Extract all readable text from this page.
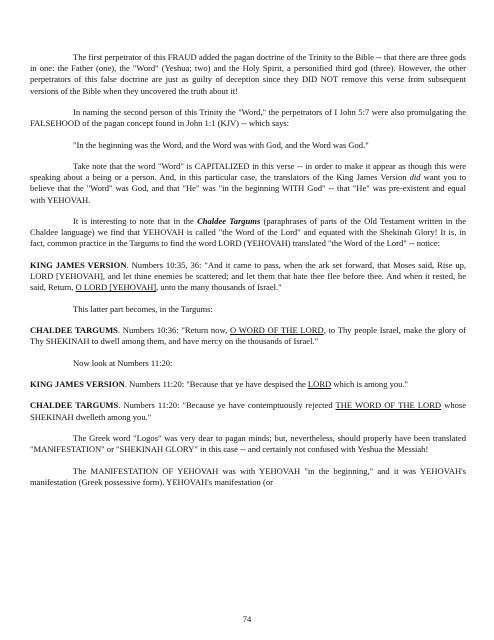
The first perpetrator of this FRAUD added the pagan doctrine of the Trinity to the Bible -- that there are three gods in one: the Father (one), the "Word" (Yeshua; two) and the Holy Spirit, a personified third god (three). However, the other perpetrators of this false doctrine are just as guilty of deception since they DID NOT remove this verse from subsequent versions of the Bible when they uncovered the truth about it!

In naming the second person of this Trinity the "Word," the perpetrators of I John 5:7 were also promulgating the FALSEHOOD of the pagan concept found in John 1:1 (KJV) -- which says:

"In the beginning was the Word, and the Word was with God, and the Word was God."

Take note that the word "Word" is CAPITALIZED in this verse -- in order to make it appear as though this were speaking about a being or a person. And, in this particular case, the translators of the King James Version did want you to believe that the "Word" was God, and that "He" was "in the beginning WITH God" -- that "He" was pre-existent and equal with YEHOVAH.

It is interesting to note that in the Chaldee Targums (paraphrases of parts of the Old Testament written in the Chaldee language) we find that YEHOVAH is called "the Word of the Lord" and equated with the Shekinah Glory! It is, in fact, common practice in the Targums to find the word LORD (YEHOVAH) translated "the Word of the Lord" -- notice:

KING JAMES VERSION. Numbers 10:35, 36: "And it came to pass, when the ark set forward, that Moses said, Rise up, LORD [YEHOVAH], and let thine enemies be scattered; and let them that hate thee flee before thee. And when it rested, he said, Return, O LORD [YEHOVAH], unto the many thousands of Israel."

This latter part becomes, in the Targums:

CHALDEE TARGUMS. Numbers 10:36: "Return now, O WORD OF THE LORD, to Thy people Israel, make the glory of Thy SHEKINAH to dwell among them, and have mercy on the thousands of Israel."

Now look at Numbers 11:20:

KING JAMES VERSION. Numbers 11:20: "Because that ye have despised the LORD which is among you."

CHALDEE TARGUMS. Numbers 11:20: "Because ye have contemptuously rejected THE WORD OF THE LORD whose SHEKINAH dwelleth among you."

The Greek word "Logos" was very dear to pagan minds; but, nevertheless, should properly have been translated "MANIFESTATION" or "SHEKINAH GLORY" in this case -- and certainly not confused with Yeshua the Messiah!

The MANIFESTATION OF YEHOVAH was with YEHOVAH "in the beginning," and it was YEHOVAH's manifestation (Greek possessive form). YEHOVAH's manifestation (or

74
